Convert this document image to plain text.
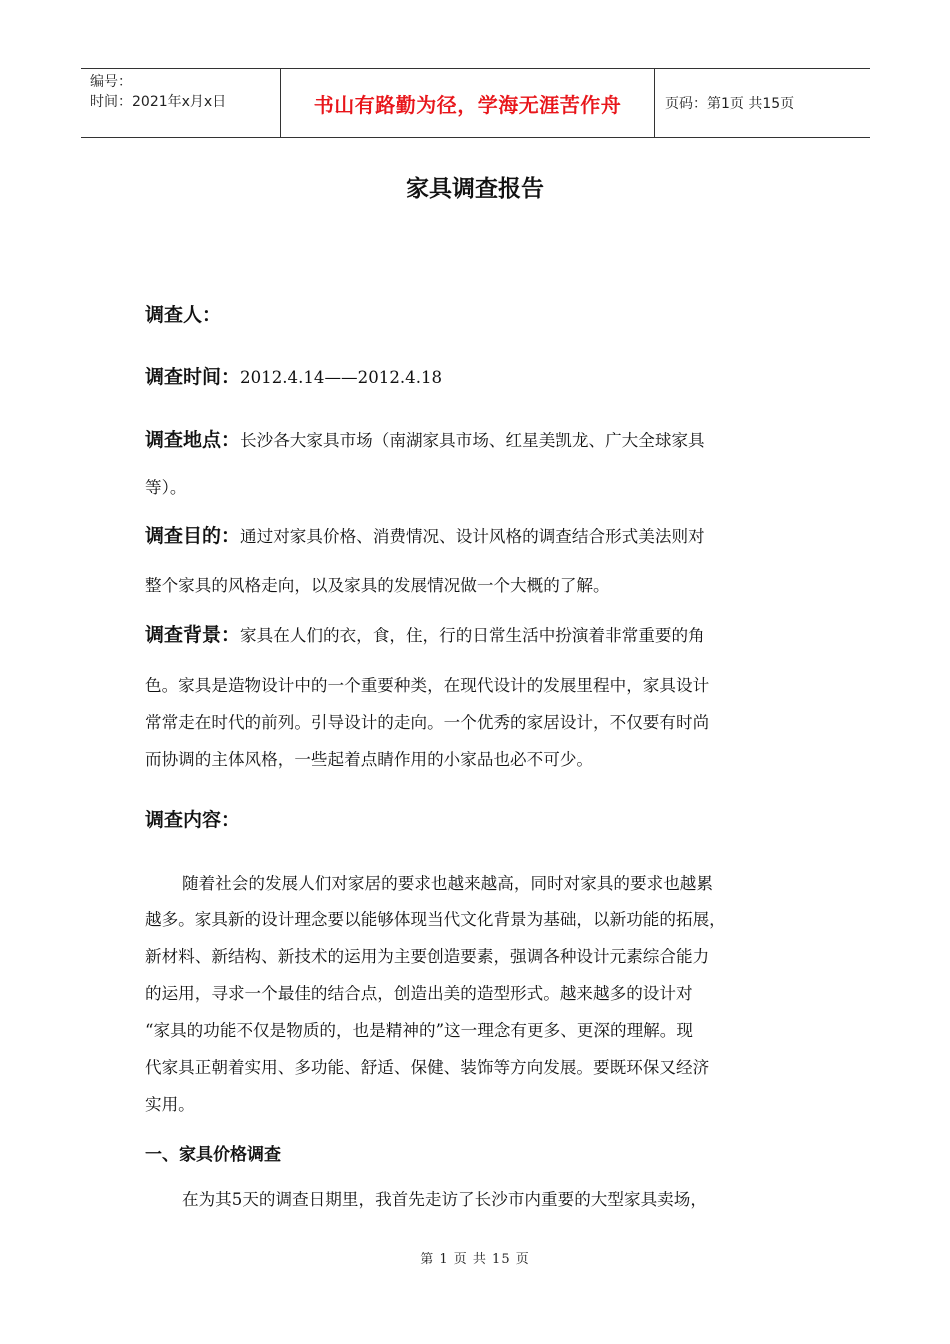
编号：
时间：2021年x月x日	书山有路勤为径，学海无涯苦作舟	页码：第1页 共15页
家具调查报告
调查人：
调查时间：2012.4.14——2012.4.18
调查地点：长沙各大家具市场（南湖家具市场、红星美凯龙、广大全球家具
等）。
调查目的：通过对家具价格、消费情况、设计风格的调查结合形式美法则对
整个家具的风格走向，以及家具的发展情况做一个大概的了解。
调查背景：家具在人们的衣，食，住，行的日常生活中扮演着非常重要的角
色。家具是造物设计中的一个重要种类，在现代设计的发展里程中，家具设计
常常走在时代的前列。引导设计的走向。一个优秀的家居设计，不仅要有时尚
而协调的主体风格，一些起着点睛作用的小家品也必不可少。
调查内容：
随着社会的发展人们对家居的要求也越来越高，同时对家具的要求也越累
越多。家具新的设计理念要以能够体现当代文化背景为基础，以新功能的拓展，
新材料、新结构、新技术的运用为主要创造要素，强调各种设计元素综合能力
的运用，寻求一个最佳的结合点，创造出美的造型形式。越来越多的设计对
“家具的功能不仅是物质的，也是精神的”这一理念有更多、更深的理解。现
代家具正朝着实用、多功能、舒适、保健、装饰等方向发展。要既环保又经济
实用。
一、家具价格调查
在为其5天的调查日期里，我首先走访了长沙市内重要的大型家具卖场，
第 1 页 共 15 页
